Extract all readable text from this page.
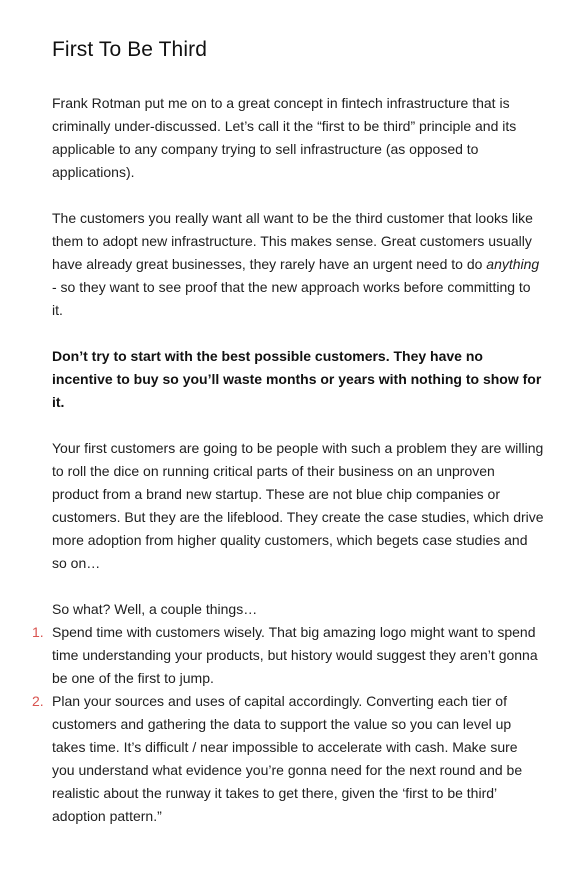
First To Be Third

Frank Rotman put me on to a great concept in fintech infrastructure that is criminally under-discussed. Let’s call it the “first to be third” principle and its applicable to any company trying to sell infrastructure (as opposed to applications).

The customers you really want all want to be the third customer that looks like them to adopt new infrastructure. This makes sense. Great customers usually have already great businesses, they rarely have an urgent need to do anything - so they want to see proof that the new approach works before committing to it.

Don’t try to start with the best possible customers. They have no incentive to buy so you’ll waste months or years with nothing to show for it.

Your first customers are going to be people with such a problem they are willing to roll the dice on running critical parts of their business on an unproven product from a brand new startup. These are not blue chip companies or customers. But they are the lifeblood. They create the case studies, which drive more adoption from higher quality customers, which begets case studies and so on…

So what? Well, a couple things…

1. Spend time with customers wisely. That big amazing logo might want to spend time understanding your products, but history would suggest they aren’t gonna be one of the first to jump.
2. Plan your sources and uses of capital accordingly. Converting each tier of customers and gathering the data to support the value so you can level up takes time. It’s difficult / near impossible to accelerate with cash. Make sure you understand what evidence you’re gonna need for the next round and be realistic about the runway it takes to get there, given the ‘first to be third’ adoption pattern.”
